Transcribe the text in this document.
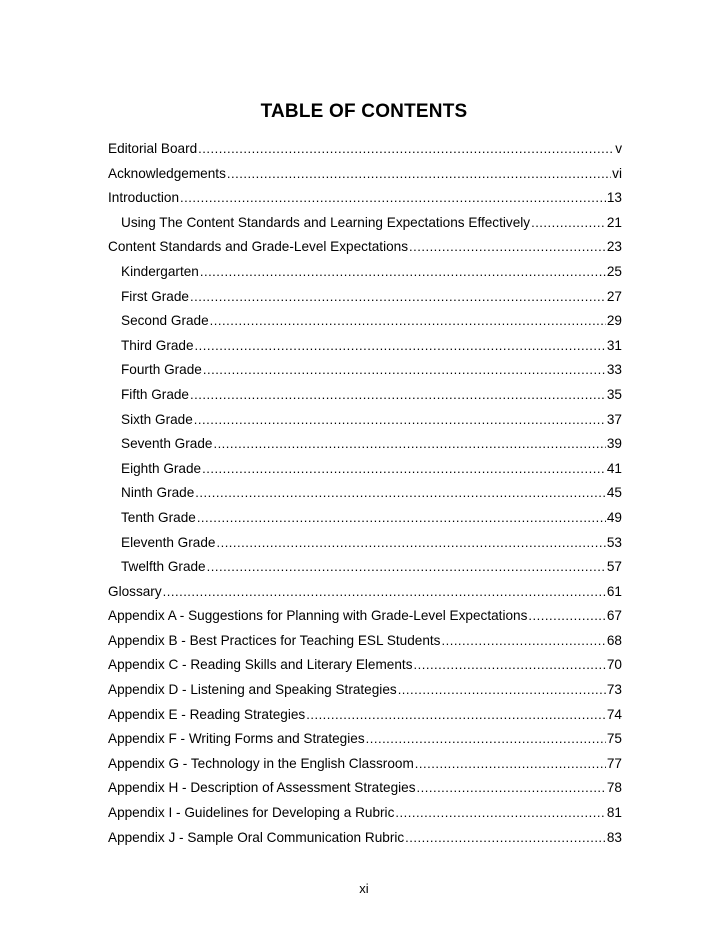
TABLE OF CONTENTS
Editorial Board .....	v
Acknowledgements .....	vi
Introduction .....	13
Using The Content Standards and Learning Expectations Effectively .....	21
Content Standards and Grade-Level Expectations .....	23
Kindergarten .....	25
First Grade .....	27
Second Grade .....	29
Third Grade .....	31
Fourth Grade .....	33
Fifth Grade .....	35
Sixth Grade .....	37
Seventh Grade .....	39
Eighth Grade .....	41
Ninth Grade .....	45
Tenth Grade .....	49
Eleventh Grade .....	53
Twelfth Grade .....	57
Glossary .....	61
Appendix A - Suggestions for Planning with Grade-Level Expectations .....	67
Appendix B - Best Practices for Teaching ESL Students .....	68
Appendix C - Reading Skills and Literary Elements .....	70
Appendix D - Listening and Speaking Strategies .....	73
Appendix E - Reading Strategies .....	74
Appendix F - Writing Forms and Strategies .....	75
Appendix G - Technology in the English Classroom .....	77
Appendix H - Description of Assessment Strategies .....	78
Appendix I - Guidelines for Developing a Rubric .....	81
Appendix J - Sample Oral Communication Rubric .....	83
xi
